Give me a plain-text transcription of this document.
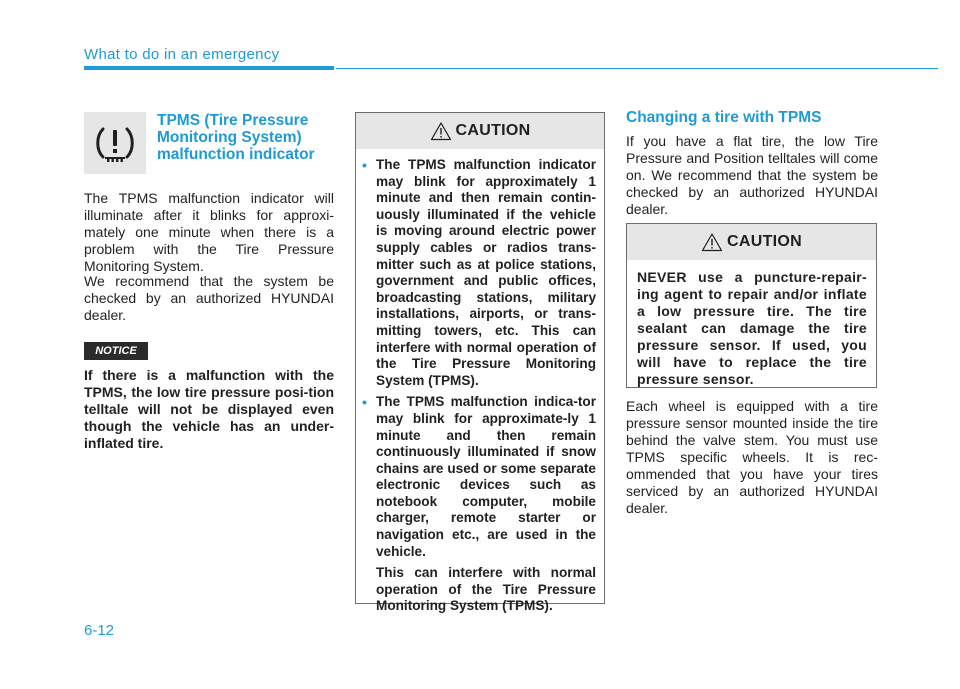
What to do in an emergency
TPMS (Tire Pressure
Monitoring System)
malfunction indicator

The TPMS malfunction indicator will illuminate after it blinks for approxi-mately one minute when there is a problem with the Tire Pressure Monitoring System.

We recommend that the system be checked by an authorized HYUNDAI dealer.

NOTICE

If there is a malfunction with the TPMS, the low tire pressure posi-tion telltale will not be displayed even though the vehicle has an under-inflated tire.

CAUTION
• The TPMS malfunction indicator may blink for approximately 1 minute and then remain contin-uously illuminated if the vehicle is moving around electric power supply cables or radios trans-mitter such as at police stations, government and public offices, broadcasting stations, military installations, airports, or trans-mitting towers, etc. This can interfere with normal operation of the Tire Pressure Monitoring System (TPMS).
• The TPMS malfunction indica-tor may blink for approximate-ly 1 minute and then remain continuously illuminated if snow chains are used or some separate electronic devices such as notebook computer, mobile charger, remote starter or navigation etc., are used in the vehicle.
This can interfere with normal operation of the Tire Pressure Monitoring System (TPMS).
Changing a tire with TPMS

If you have a flat tire, the low Tire Pressure and Position telltales will come on. We recommend that the system be checked by an authorized HYUNDAI dealer.

CAUTION
NEVER use a puncture-repair-ing agent to repair and/or inflate a low pressure tire. The tire sealant can damage the tire pressure sensor. If used, you will have to replace the tire pressure sensor.

Each wheel is equipped with a tire pressure sensor mounted inside the tire behind the valve stem. You must use TPMS specific wheels. It is rec-ommended that you have your tires serviced by an authorized HYUNDAI dealer.

6-12
